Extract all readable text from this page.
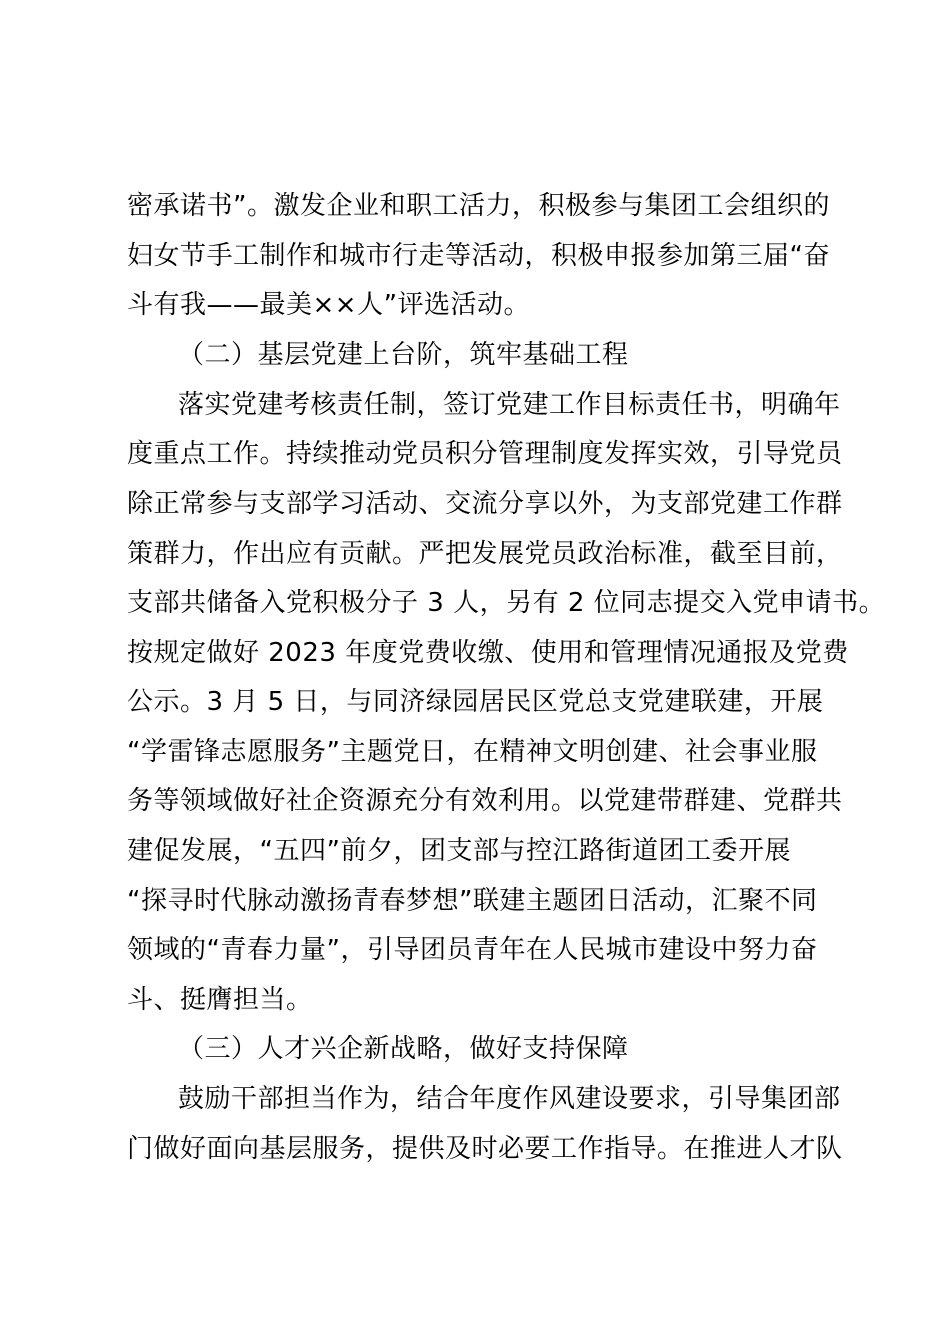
密承诺书”。激发企业和职工活力，积极参与集团工会组织的
妇女节手工制作和城市行走等活动，积极申报参加第三届“奋
斗有我——最美××人”评选活动。
（二）基层党建上台阶，筑牢基础工程
落实党建考核责任制，签订党建工作目标责任书，明确年
度重点工作。持续推动党员积分管理制度发挥实效，引导党员
除正常参与支部学习活动、交流分享以外，为支部党建工作群
策群力，作出应有贡献。严把发展党员政治标准，截至目前，
支部共储备入党积极分子 3 人，另有 2 位同志提交入党申请书。
按规定做好 2023 年度党费收缴、使用和管理情况通报及党费
公示。3 月 5 日，与同济绿园居民区党总支党建联建，开展
“学雷锋志愿服务”主题党日，在精神文明创建、社会事业服
务等领域做好社企资源充分有效利用。以党建带群建、党群共
建促发展，“五四”前夕，团支部与控江路街道团工委开展
“探寻时代脉动激扬青春梦想”联建主题团日活动，汇聚不同
领域的“青春力量”，引导团员青年在人民城市建设中努力奋
斗、挺膺担当。
（三）人才兴企新战略，做好支持保障
鼓励干部担当作为，结合年度作风建设要求，引导集团部
门做好面向基层服务，提供及时必要工作指导。在推进人才队
